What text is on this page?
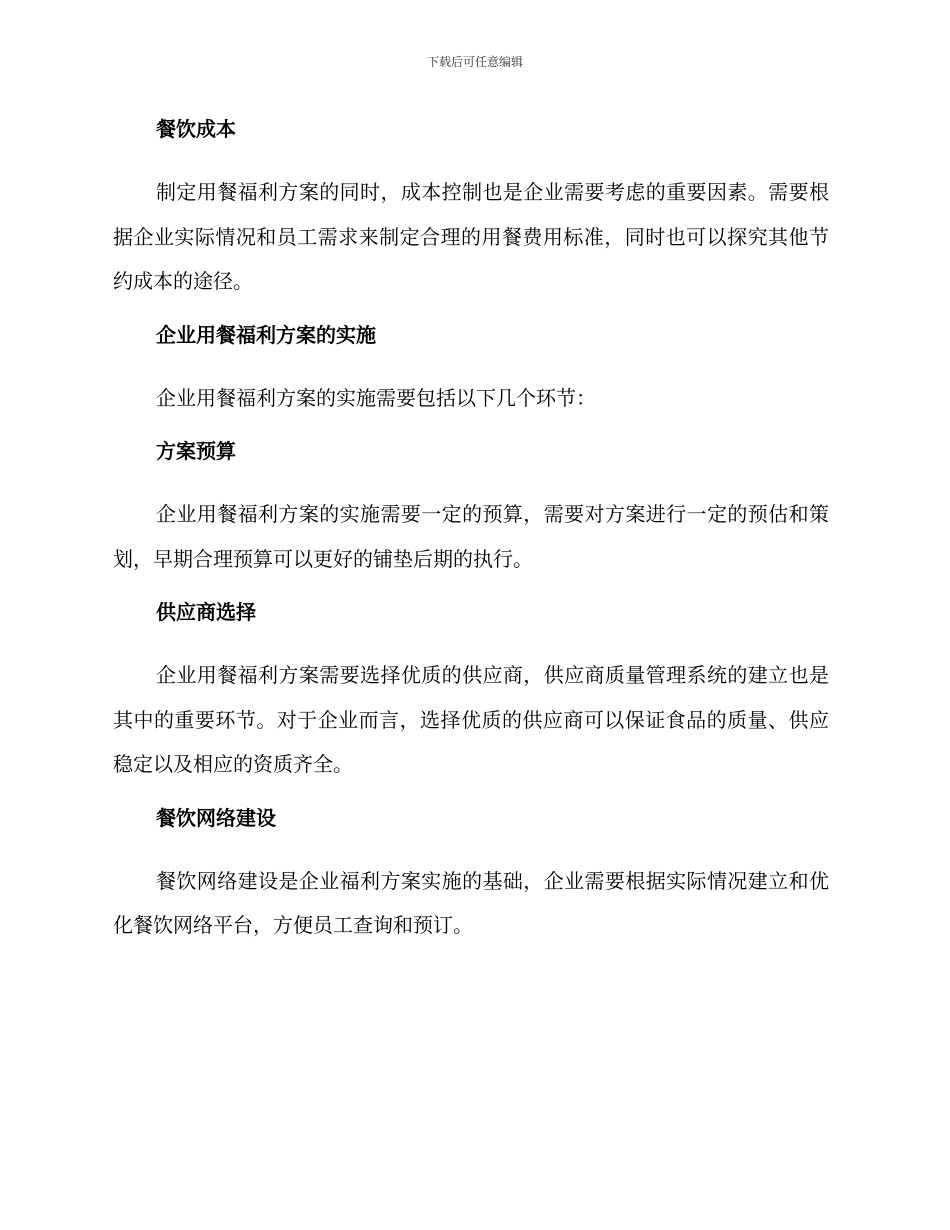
下载后可任意编辑
餐饮成本

制定用餐福利方案的同时，成本控制也是企业需要考虑的重要因素。需要根据企业实际情况和员工需求来制定合理的用餐费用标准，同时也可以探究其他节约成本的途径。

企业用餐福利方案的实施

企业用餐福利方案的实施需要包括以下几个环节：

方案预算

企业用餐福利方案的实施需要一定的预算，需要对方案进行一定的预估和策划，早期合理预算可以更好的铺垫后期的执行。

供应商选择

企业用餐福利方案需要选择优质的供应商，供应商质量管理系统的建立也是其中的重要环节。对于企业而言，选择优质的供应商可以保证食品的质量、供应稳定以及相应的资质齐全。

餐饮网络建设

餐饮网络建设是企业福利方案实施的基础，企业需要根据实际情况建立和优化餐饮网络平台，方便员工查询和预订。
